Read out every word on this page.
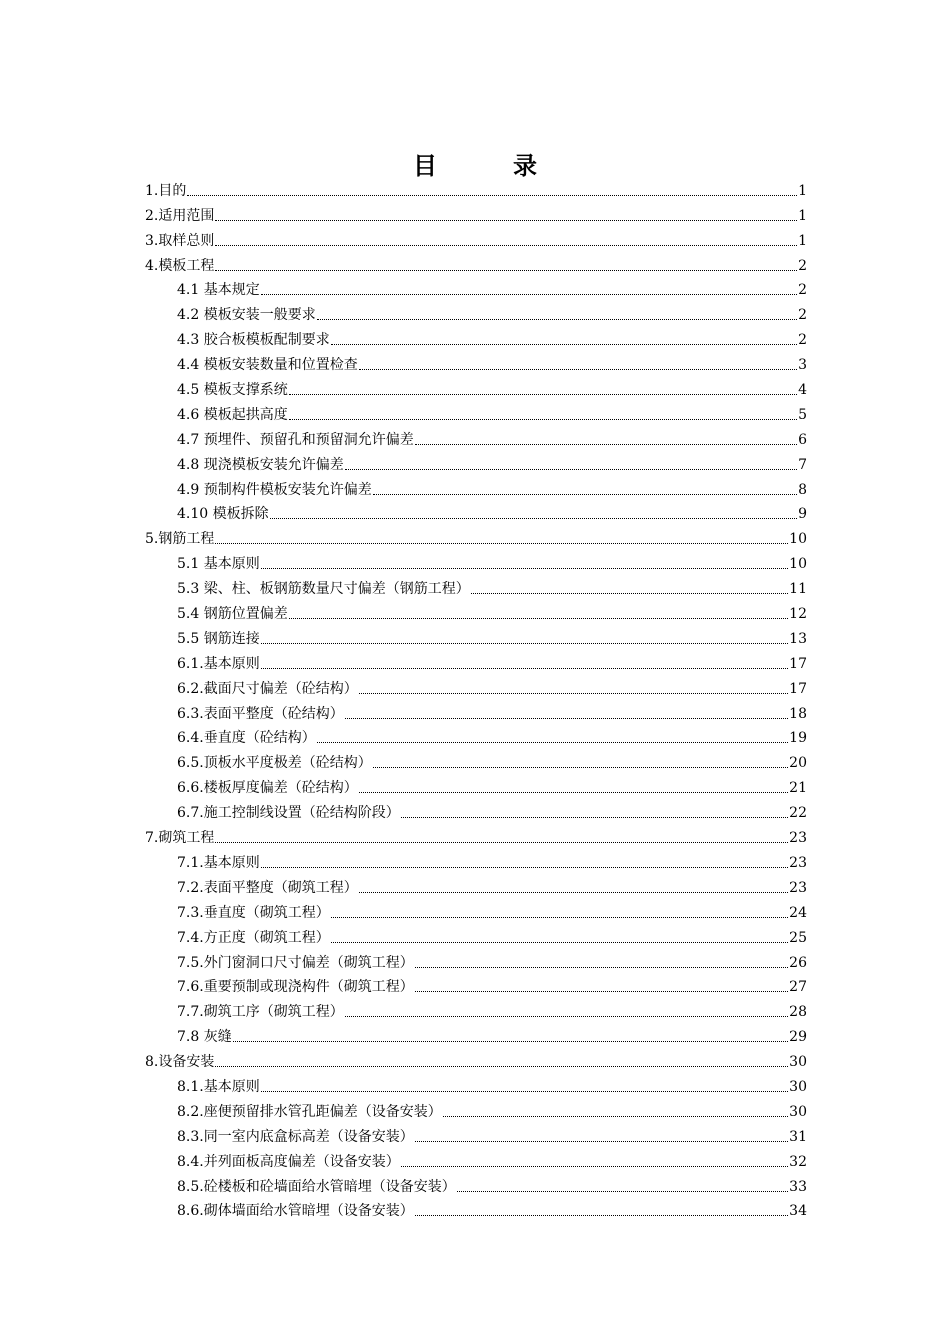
目　录
1.目的	1
2.适用范围	1
3.取样总则	1
4.模板工程	2
4.1 基本规定	2
4.2 模板安装一般要求	2
4.3 胶合板模板配制要求	2
4.4 模板安装数量和位置检查	3
4.5 模板支撑系统	4
4.6 模板起拱高度	5
4.7 预埋件、预留孔和预留洞允许偏差	6
4.8 现浇模板安装允许偏差	7
4.9 预制构件模板安装允许偏差	8
4.10 模板拆除	9
5.钢筋工程	10
5.1 基本原则	10
5.3 梁、柱、板钢筋数量尺寸偏差（钢筋工程）	11
5.4 钢筋位置偏差	12
5.5 钢筋连接	13
6.1.基本原则	17
6.2.截面尺寸偏差（砼结构）	17
6.3.表面平整度（砼结构）	18
6.4.垂直度（砼结构）	19
6.5.顶板水平度极差（砼结构）	20
6.6.楼板厚度偏差（砼结构）	21
6.7.施工控制线设置（砼结构阶段）	22
7.砌筑工程	23
7.1.基本原则	23
7.2.表面平整度（砌筑工程）	23
7.3.垂直度（砌筑工程）	24
7.4.方正度（砌筑工程）	25
7.5.外门窗洞口尺寸偏差（砌筑工程）	26
7.6.重要预制或现浇构件（砌筑工程）	27
7.7.砌筑工序（砌筑工程）	28
7.8 灰缝	29
8.设备安装	30
8.1.基本原则	30
8.2.座便预留排水管孔距偏差（设备安装）	30
8.3.同一室内底盒标高差（设备安装）	31
8.4.并列面板高度偏差（设备安装）	32
8.5.砼楼板和砼墙面给水管暗埋（设备安装）	33
8.6.砌体墙面给水管暗埋（设备安装）	34
